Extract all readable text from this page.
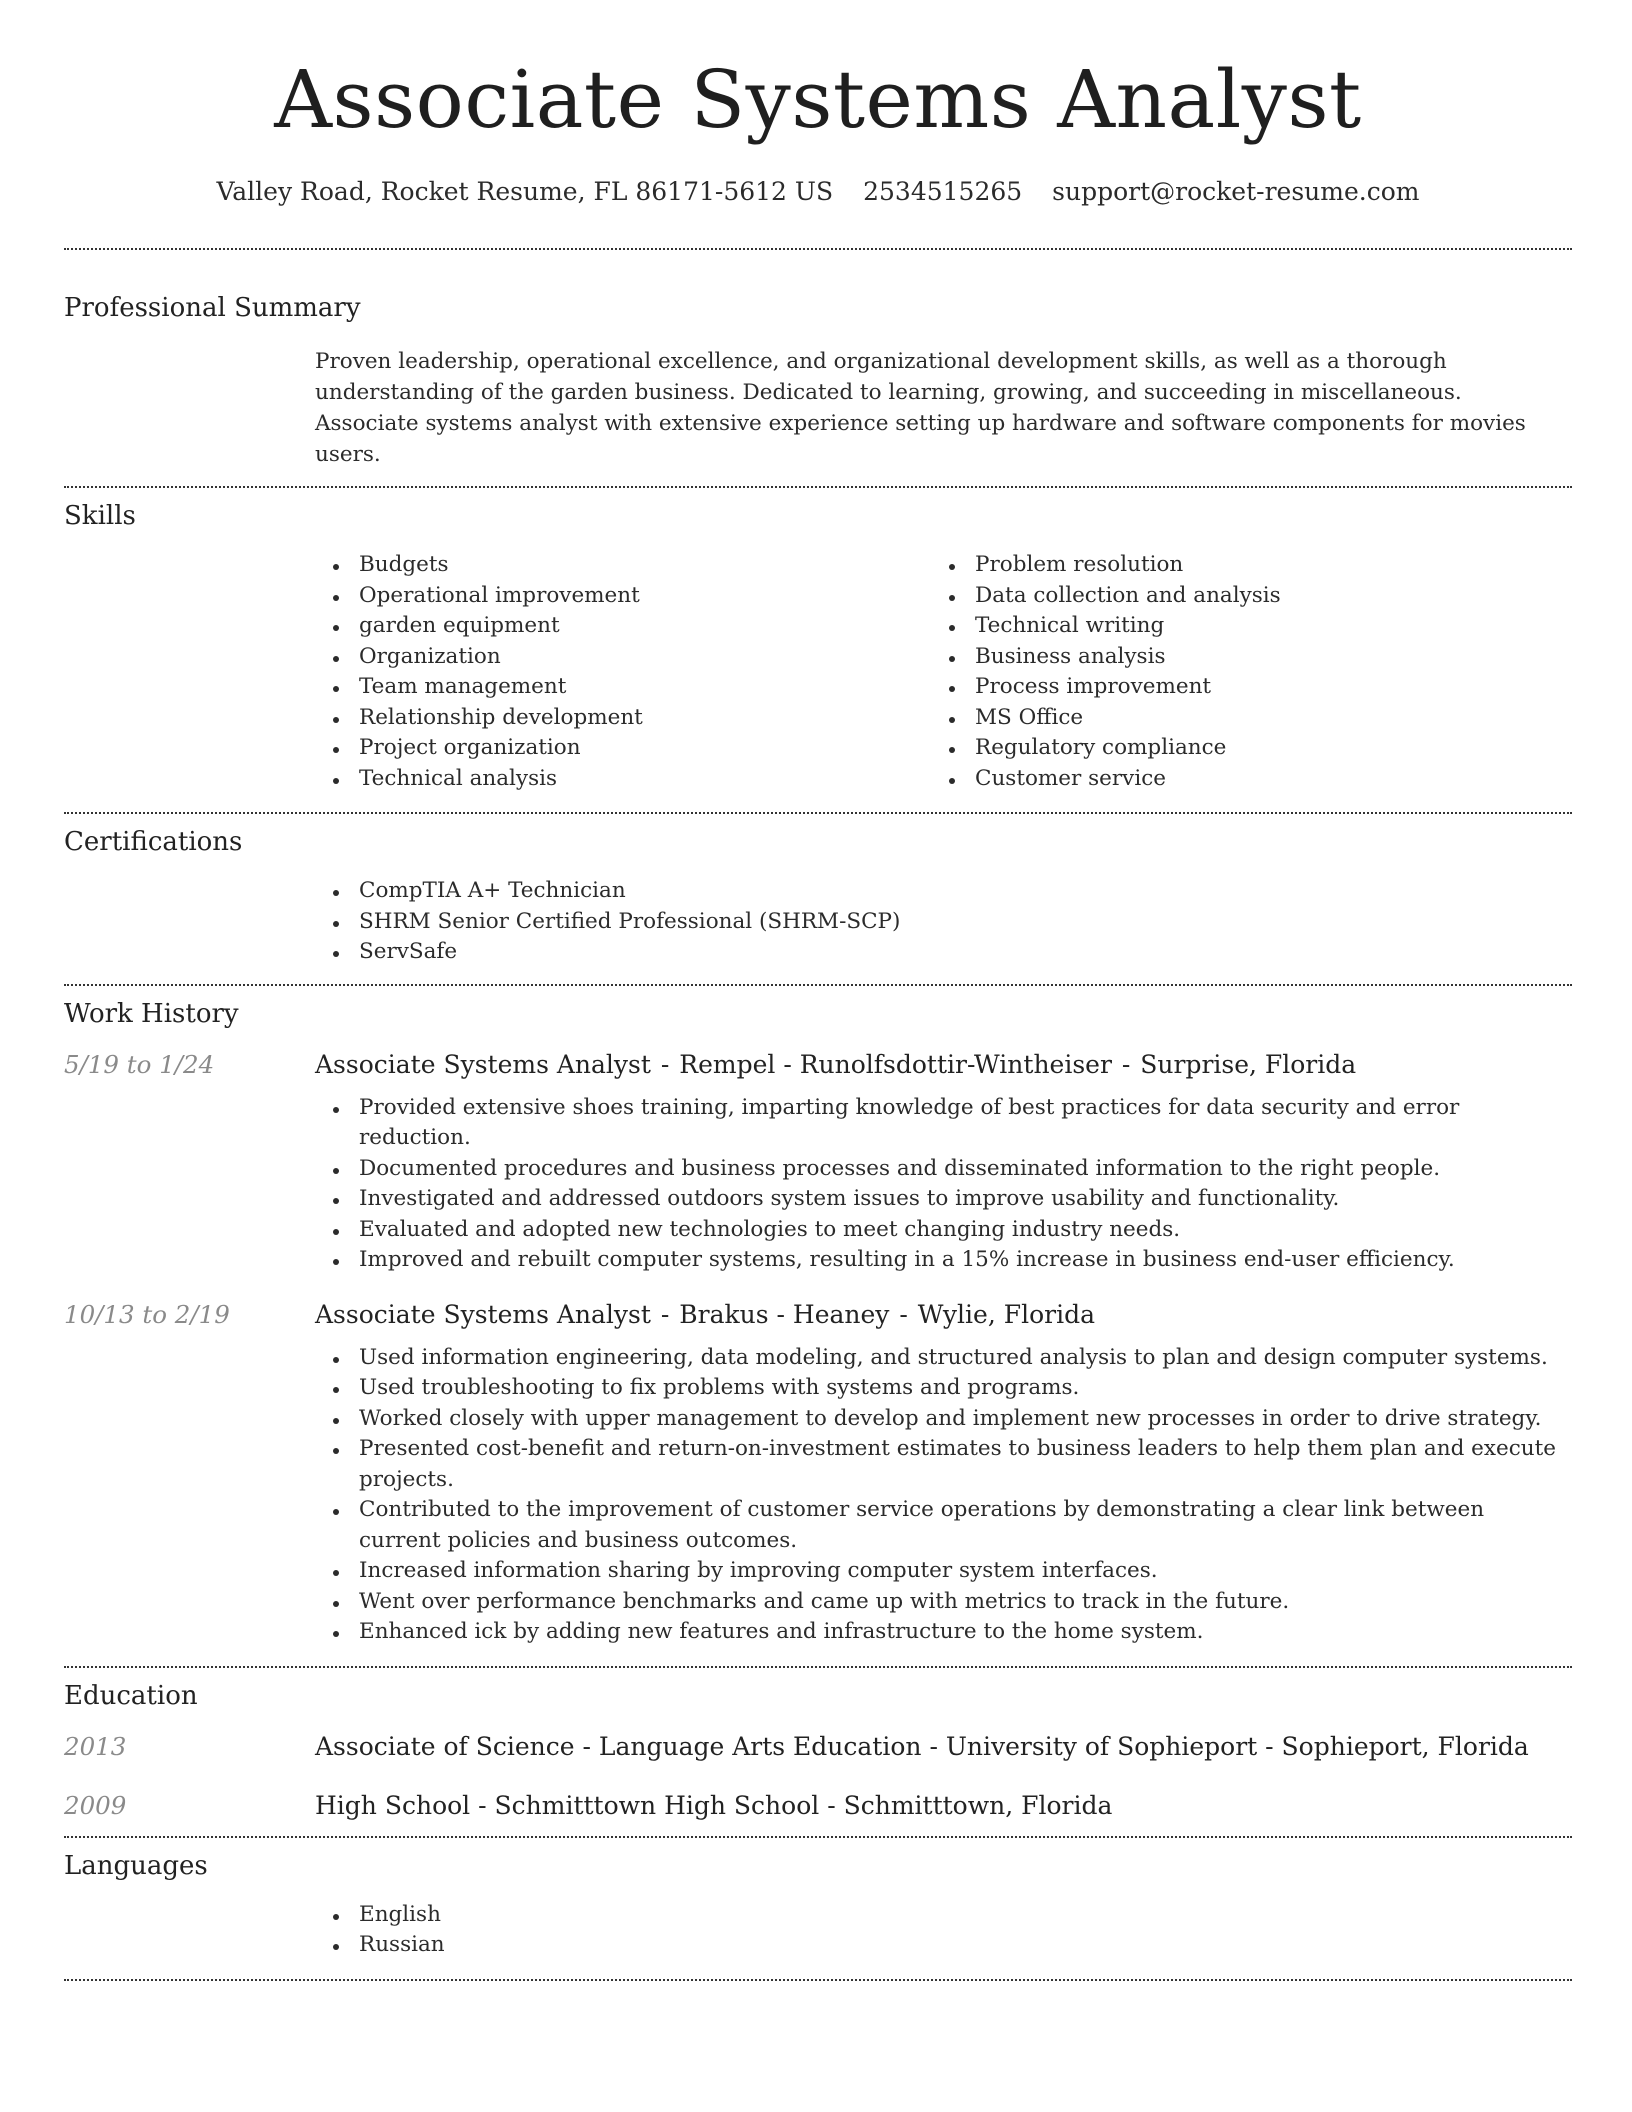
Associate Systems Analyst
Valley Road, Rocket Resume, FL 86171-5612 US 2534515265 support@rocket-resume.com
Professional Summary
Proven leadership, operational excellence, and organizational development skills, as well as a thorough understanding of the garden business. Dedicated to learning, growing, and succeeding in miscellaneous. Associate systems analyst with extensive experience setting up hardware and software components for movies users.
Skills
Budgets
Operational improvement
garden equipment
Organization
Team management
Relationship development
Project organization
Technical analysis
Problem resolution
Data collection and analysis
Technical writing
Business analysis
Process improvement
MS Office
Regulatory compliance
Customer service
Certifications
CompTIA A+ Technician
SHRM Senior Certified Professional (SHRM-SCP)
ServSafe
Work History
5/19 to 1/24	Associate Systems Analyst - Rempel - Runolfsdottir-Wintheiser - Surprise, Florida
Provided extensive shoes training, imparting knowledge of best practices for data security and error reduction.
Documented procedures and business processes and disseminated information to the right people.
Investigated and addressed outdoors system issues to improve usability and functionality.
Evaluated and adopted new technologies to meet changing industry needs.
Improved and rebuilt computer systems, resulting in a 15% increase in business end-user efficiency.
10/13 to 2/19	Associate Systems Analyst - Brakus - Heaney - Wylie, Florida
Used information engineering, data modeling, and structured analysis to plan and design computer systems.
Used troubleshooting to fix problems with systems and programs.
Worked closely with upper management to develop and implement new processes in order to drive strategy.
Presented cost-benefit and return-on-investment estimates to business leaders to help them plan and execute projects.
Contributed to the improvement of customer service operations by demonstrating a clear link between current policies and business outcomes.
Increased information sharing by improving computer system interfaces.
Went over performance benchmarks and came up with metrics to track in the future.
Enhanced ick by adding new features and infrastructure to the home system.
Education
2013	Associate of Science - Language Arts Education - University of Sophieport - Sophieport, Florida
2009	High School - Schmitttown High School - Schmitttown, Florida
Languages
English
Russian
